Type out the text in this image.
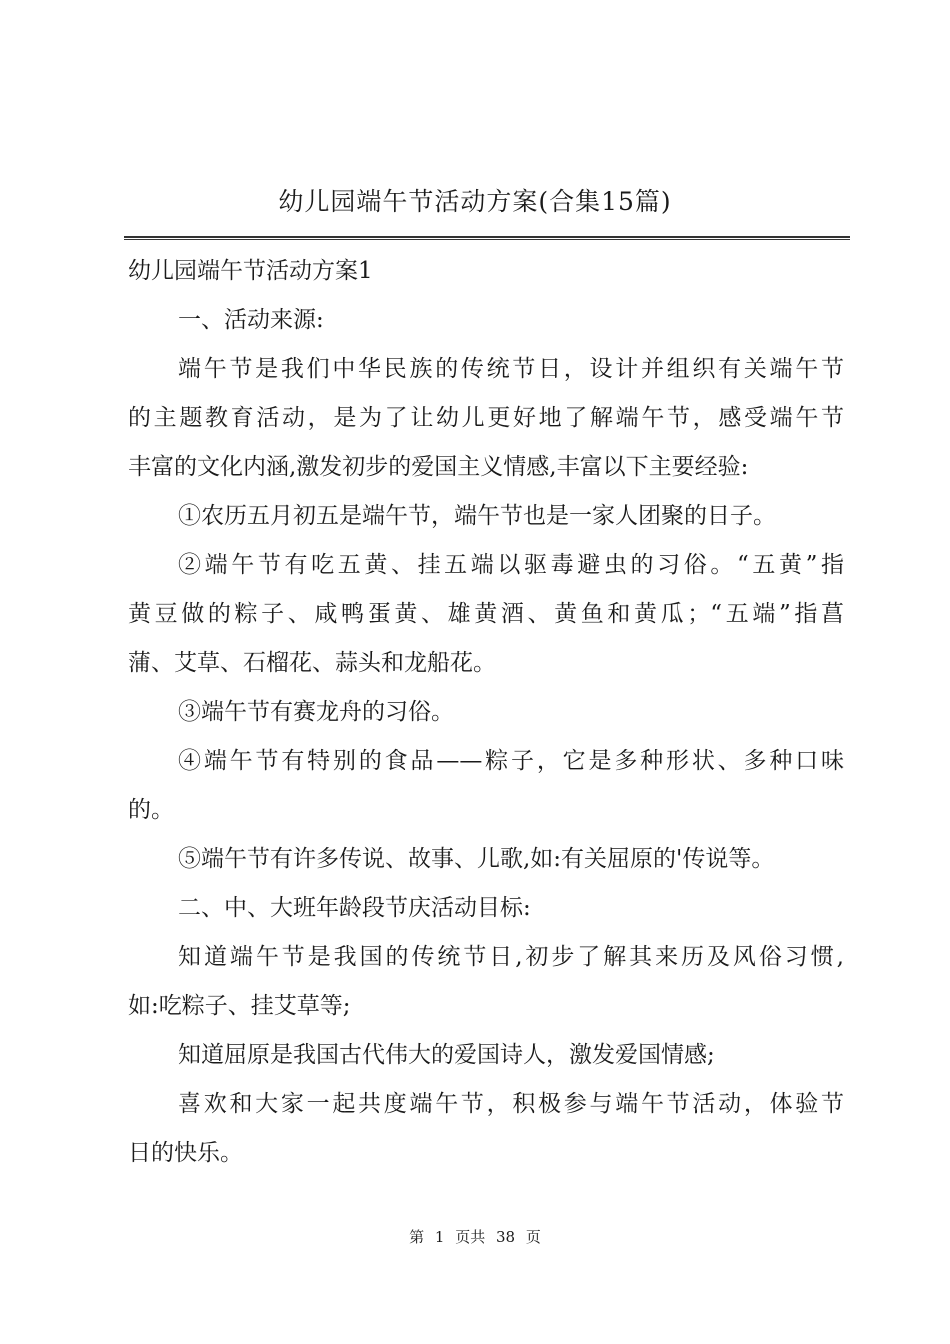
幼儿园端午节活动方案(合集15篇)
幼儿园端午节活动方案1
一、活动来源:
端午节是我们中华民族的传统节日，设计并组织有关端午节
的主题教育活动，是为了让幼儿更好地了解端午节，感受端午节
丰富的文化内涵,激发初步的爱国主义情感,丰富以下主要经验:
①农历五月初五是端午节，端午节也是一家人团聚的日子。
②端午节有吃五黄、挂五端以驱毒避虫的习俗。“五黄”指
黄豆做的粽子、咸鸭蛋黄、雄黄酒、黄鱼和黄瓜；“五端”指菖
蒲、艾草、石榴花、蒜头和龙船花。
③端午节有赛龙舟的习俗。
④端午节有特别的食品——粽子，它是多种形状、多种口味
的。
⑤端午节有许多传说、故事、儿歌,如:有关屈原的'传说等。
二、中、大班年龄段节庆活动目标:
知道端午节是我国的传统节日,初步了解其来历及风俗习惯,
如:吃粽子、挂艾草等;
知道屈原是我国古代伟大的爱国诗人，激发爱国情感;
喜欢和大家一起共度端午节，积极参与端午节活动，体验节
日的快乐。
第 1 页共 38 页
